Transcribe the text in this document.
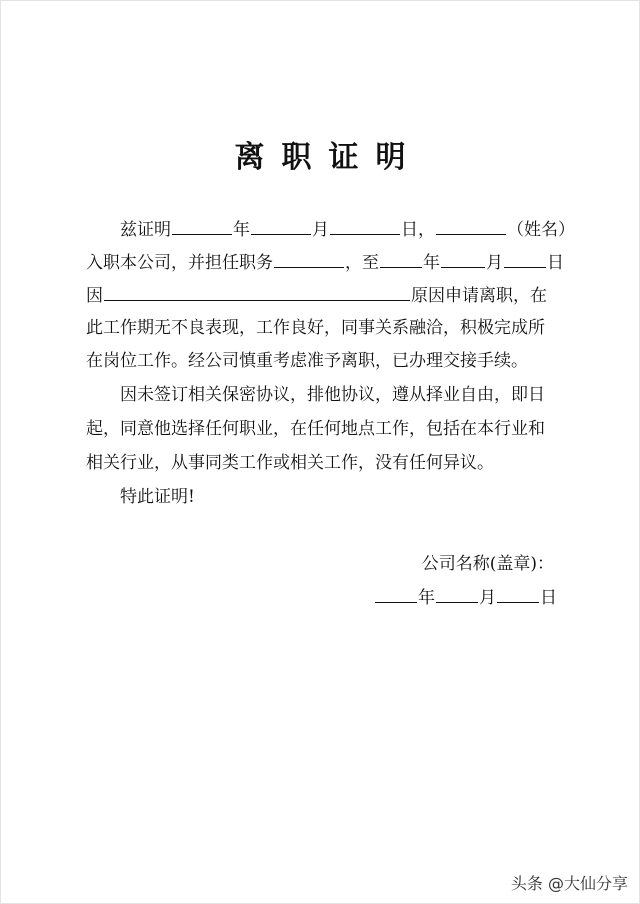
离职证明
兹证明	年	月	日，	（姓名）
入职本公司，并担任职务	，至	年	月	日
因	原因申请离职，在
此工作期无不良表现，工作良好，同事关系融洽，积极完成所
在岗位工作。经公司慎重考虑准予离职，已办理交接手续。
因未签订相关保密协议，排他协议，遵从择业自由，即日
起，同意他选择任何职业，在任何地点工作，包括在本行业和
相关行业，从事同类工作或相关工作，没有任何异议。
特此证明!
公司名称(盖章)：
年	月	日
头条 @大仙分享
